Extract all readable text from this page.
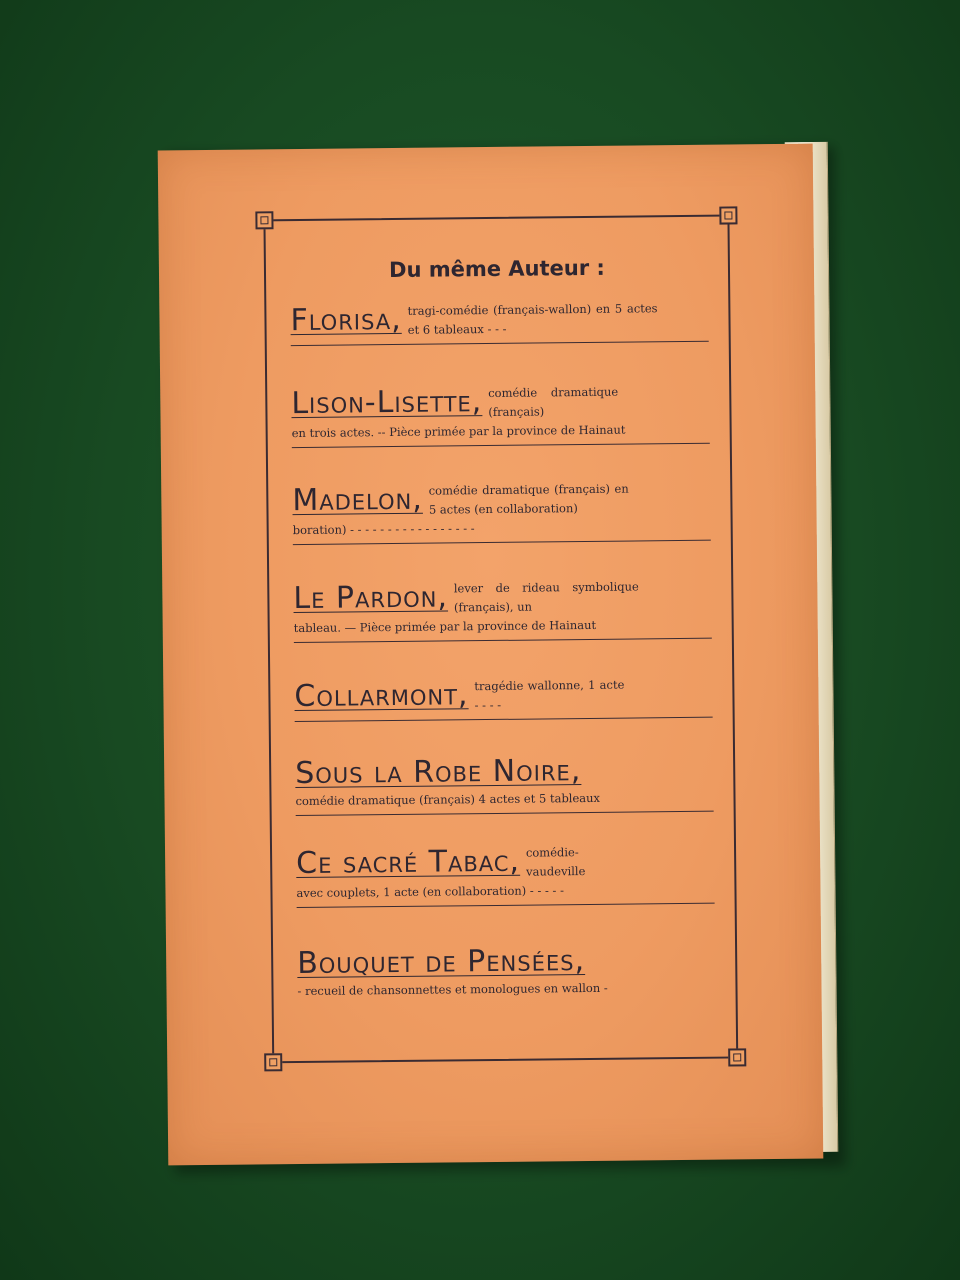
Du même Auteur :
Florisa, tragi-comédie (français-wallon) en 5 actes et 6 tableaux - - -
Lison-Lisette, comédie dramatique (français)
en trois actes. -- Pièce primée par la province de Hainaut
Madelon, comédie dramatique (français) en 5 actes (en collaboration)
boration) - - - - - - - - - - - - - - - - -
Le Pardon, lever de rideau symbolique (français), un
tableau. — Pièce primée par la province de Hainaut
Collarmont, tragédie wallonne, 1 acte - - - -
Sous la Robe Noire,
comédie dramatique (français) 4 actes et 5 tableaux
Ce sacré Tabac, comédie-vaudeville
avec couplets, 1 acte (en collaboration) - - - - -
Bouquet de Pensées,
- recueil de chansonnettes et monologues en wallon -
